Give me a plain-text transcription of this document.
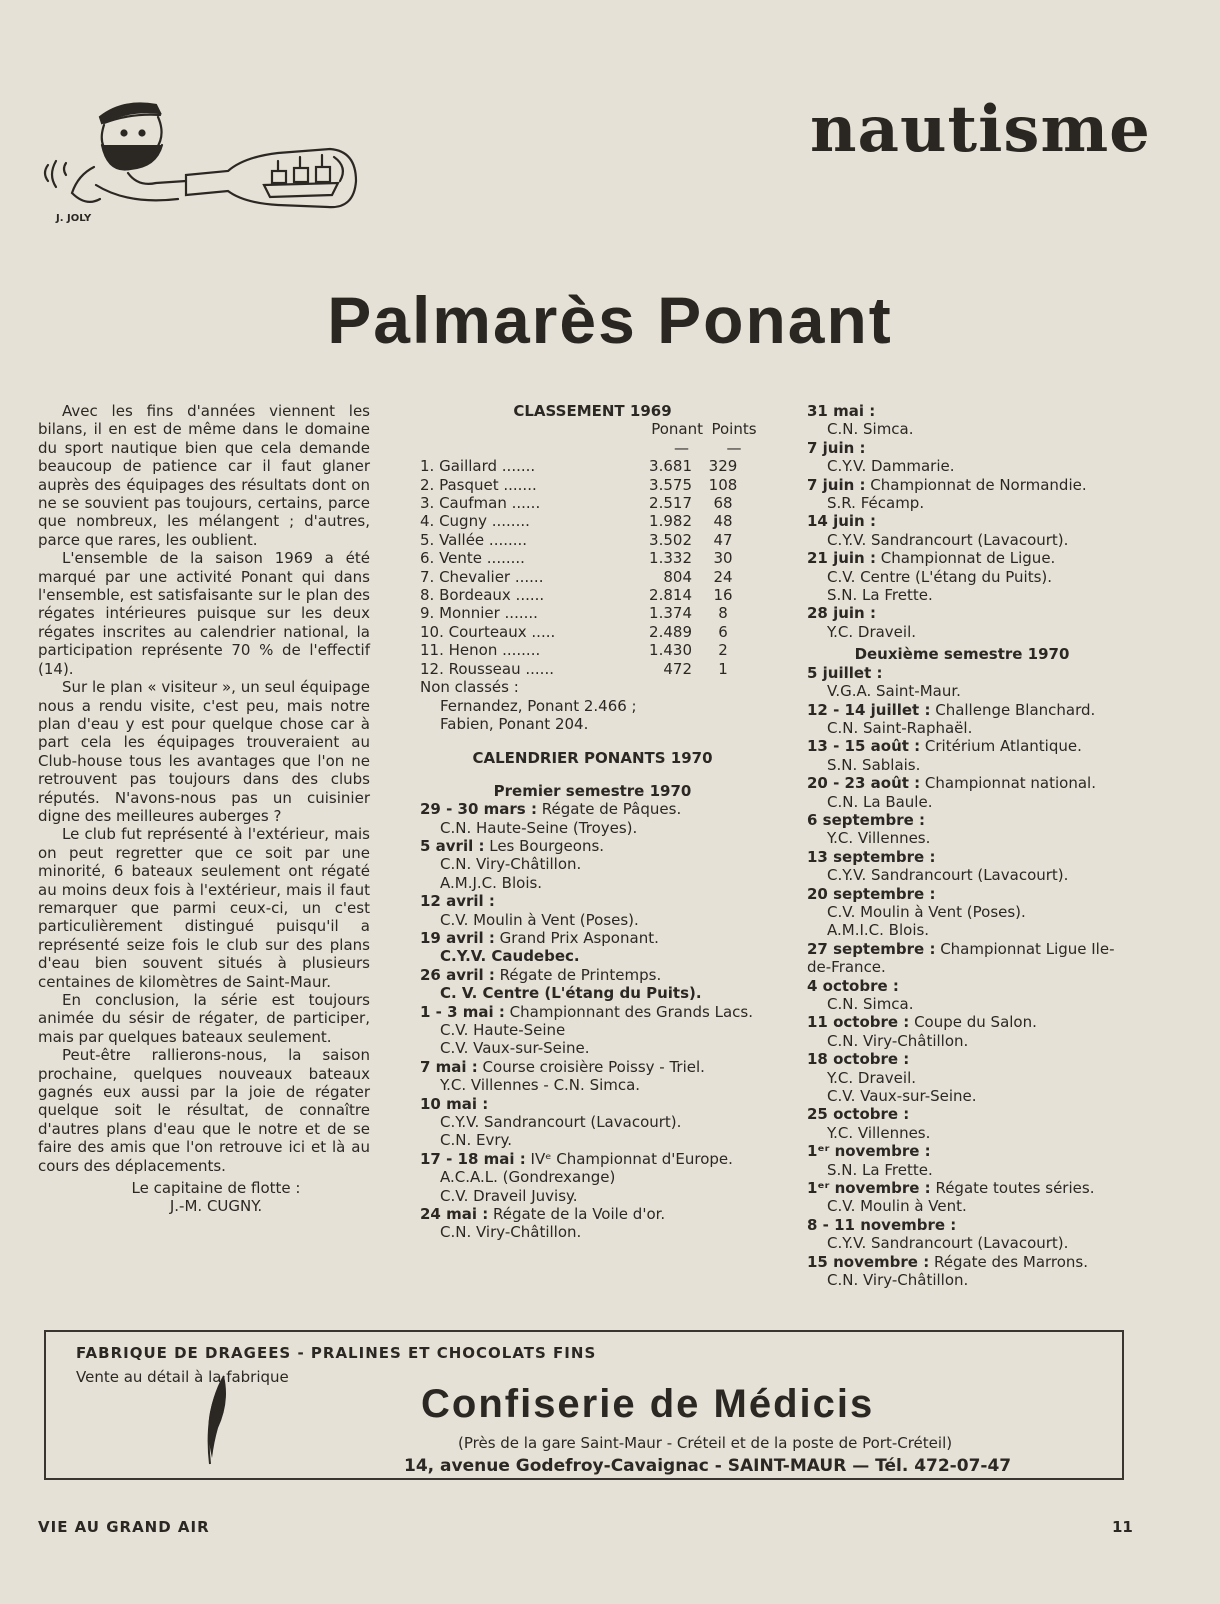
J. JOLY
nautisme
Palmarès Ponant

Avec les fins d'années viennent les bilans, il en est de même dans le domaine du sport nautique bien que cela demande beaucoup de patience car il faut glaner auprès des équipages des résultats dont on ne se souvient pas toujours, certains, parce que nombreux, les mélangent ; d'autres, parce que rares, les oublient.

L'ensemble de la saison 1969 a été marqué par une activité Ponant qui dans l'ensemble, est satisfaisante sur le plan des régates intérieures puisque sur les deux régates inscrites au calendrier national, la participation représente 70 % de l'effectif (14).

Sur le plan « visiteur », un seul équipage nous a rendu visite, c'est peu, mais notre plan d'eau y est pour quelque chose car à part cela les équipages trouveraient au Club-house tous les avantages que l'on ne retrouvent pas toujours dans des clubs réputés. N'avons-nous pas un cuisinier digne des meilleures auberges ?

Le club fut représenté à l'extérieur, mais on peut regretter que ce soit par une minorité, 6 bateaux seulement ont régaté au moins deux fois à l'extérieur, mais il faut remarquer que parmi ceux-ci, un c'est particulièrement distingué puisqu'il a représenté seize fois le club sur des plans d'eau bien souvent situés à plusieurs centaines de kilomètres de Saint-Maur.

En conclusion, la série est toujours animée du sésir de régater, de participer, mais par quelques bateaux seulement.

Peut-être rallierons-nous, la saison prochaine, quelques nouveaux bateaux gagnés eux aussi par la joie de régater quelque soit le résultat, de connaître d'autres plans d'eau que le notre et de se faire des amis que l'on retrouve ici et là au cours des déplacements.

Le capitaine de flotte :

J.-M. CUGNY.

CLASSEMENT 1969
Ponant Points
—	—
1. Gaillard .......	3.681	329
2. Pasquet .......	3.575	108
3. Caufman ......	2.517	68
4. Cugny ........	1.982	48
5. Vallée ........	3.502	47
6. Vente ........	1.332	30
7. Chevalier ......	804	24
8. Bordeaux ......	2.814	16
9. Monnier .......	1.374	8
10. Courteaux .....	2.489	6
11. Henon ........	1.430	2
12. Rousseau ......	472	1
Non classés :
Fernandez, Ponant 2.466 ;
Fabien, Ponant 204.
CALENDRIER PONANTS 1970
Premier semestre 1970
29 - 30 mars : Régate de Pâques.
C.N. Haute-Seine (Troyes).
5 avril : Les Bourgeons.
C.N. Viry-Châtillon.
A.M.J.C. Blois.
12 avril :
C.V. Moulin à Vent (Poses).
19 avril : Grand Prix Asponant.
C.Y.V. Caudebec.
26 avril : Régate de Printemps.
C. V. Centre (L'étang du Puits).
1 - 3 mai : Championnant des Grands Lacs.
C.V. Haute-Seine
C.V. Vaux-sur-Seine.
7 mai : Course croisière Poissy - Triel.
Y.C. Villennes - C.N. Simca.
10 mai :
C.Y.V. Sandrancourt (Lavacourt).
C.N. Evry.
17 - 18 mai : IVᵉ Championnat d'Europe.
A.C.A.L. (Gondrexange)
C.V. Draveil Juvisy.
24 mai : Régate de la Voile d'or.
C.N. Viry-Châtillon.
31 mai :
C.N. Simca.
7 juin :
C.Y.V. Dammarie.
7 juin : Championnat de Normandie.
S.R. Fécamp.
14 juin :
C.Y.V. Sandrancourt (Lavacourt).
21 juin : Championnat de Ligue.
C.V. Centre (L'étang du Puits).
S.N. La Frette.
28 juin :
Y.C. Draveil.
Deuxième semestre 1970
5 juillet :
V.G.A. Saint-Maur.
12 - 14 juillet : Challenge Blanchard.
C.N. Saint-Raphaël.
13 - 15 août : Critérium Atlantique.
S.N. Sablais.
20 - 23 août : Championnat national.
C.N. La Baule.
6 septembre :
Y.C. Villennes.
13 septembre :
C.Y.V. Sandrancourt (Lavacourt).
20 septembre :
C.V. Moulin à Vent (Poses).
A.M.I.C. Blois.
27 septembre : Championnat Ligue Ile-de-France.
4 octobre :
C.N. Simca.
11 octobre : Coupe du Salon.
C.N. Viry-Châtillon.
18 octobre :
Y.C. Draveil.
C.V. Vaux-sur-Seine.
25 octobre :
Y.C. Villennes.
1ᵉʳ novembre :
S.N. La Frette.
1ᵉʳ novembre : Régate toutes séries.
C.V. Moulin à Vent.
8 - 11 novembre :
C.Y.V. Sandrancourt (Lavacourt).
15 novembre : Régate des Marrons.
C.N. Viry-Châtillon.
FABRIQUE DE DRAGEES - PRALINES ET CHOCOLATS FINS
Vente au détail à la fabrique
Confiserie de Médicis
(Près de la gare Saint-Maur - Créteil et de la poste de Port-Créteil)
14, avenue Godefroy-Cavaignac - SAINT-MAUR — Tél. 472-07-47
VIE AU GRAND AIR	11
